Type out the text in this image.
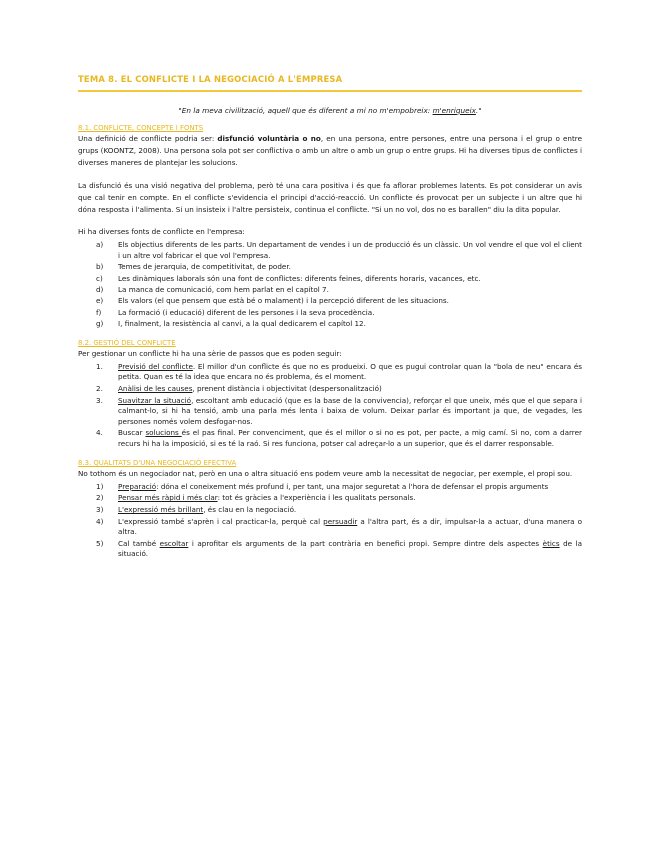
TEMA 8. EL CONFLICTE I LA NEGOCIACIÓ A L'EMPRESA
"En la meva civilització, aquell que és diferent a mi no m'empobreix: m'enriqueix."
8.1. CONFLICTE, CONCEPTE I FONTS

Una definició de conflicte podria ser: disfunció voluntària o no, en una persona, entre persones, entre una persona i el grup o entre grups (KOONTZ, 2008). Una persona sola pot ser conflictiva o amb un altre o amb un grup o entre grups. Hi ha diverses tipus de conflictes i diverses maneres de plantejar les solucions.

La disfunció és una visió negativa del problema, però té una cara positiva i és que fa aflorar problemes latents. Es pot considerar un avís que cal tenir en compte. En el conflicte s'evidencia el principi d'acció-reacció. Un conflicte és provocat per un subjecte i un altre que hi dóna resposta i l'alimenta. Si un insisteix i l'altre persisteix, continua el conflicte. "Si un no vol, dos no es barallen" diu la dita popular.

Hi ha diverses fonts de conflicte en l'empresa:

a) Els objectius diferents de les parts. Un departament de vendes i un de producció és un clàssic. Un vol vendre el que vol el client i un altre vol fabricar el que vol l'empresa.
b) Temes de jerarquia, de competitivitat, de poder.
c) Les dinàmiques laborals són una font de conflictes: diferents feines, diferents horaris, vacances, etc.
d) La manca de comunicació, com hem parlat en el capítol 7.
e) Els valors (el que pensem que està bé o malament) i la percepció diferent de les situacions.
f) La formació (i educació) diferent de les persones i la seva procedència.
g) I, finalment, la resistència al canvi, a la qual dedicarem el capítol 12.
8.2. GESTIÓ DEL CONFLICTE

Per gestionar un conflicte hi ha una sèrie de passos que es poden seguir:

1. Previsió del conflicte. El millor d'un conflicte és que no es produeixi. O que es pugui controlar quan la "bola de neu" encara és petita. Quan es té la idea que encara no és problema, és el moment.
2. Anàlisi de les causes, prenent distància i objectivitat (despersonalització)
3. Suavitzar la situació, escoltant amb educació (que es la base de la convivencia), reforçar el que uneix, més que el que separa i calmant-lo, si hi ha tensió, amb una parla més lenta i baixa de volum. Deixar parlar és important ja que, de vegades, les persones només volem desfogar-nos.
4. Buscar solucions és el pas final. Per convenciment, que és el millor o si no es pot, per pacte, a mig camí. Si no, com a darrer recurs hi ha la imposició, si es té la raó. Si res funciona, potser cal adreçar-lo a un superior, que és el darrer responsable.
8.3. QUALITATS D'UNA NEGOCIACIÓ EFECTIVA

No tothom és un negociador nat, però en una o altra situació ens podem veure amb la necessitat de negociar, per exemple, el propi sou.

1) Preparació: dóna el coneixement més profund i, per tant, una major seguretat a l'hora de defensar el propis arguments
2) Pensar més ràpid i més clar: tot és gràcies a l'experiència i les qualitats personals.
3) L'expressió més brillant, és clau en la negociació.
4) L'expressió també s'aprèn i cal practicar-la, perquè cal persuadir a l'altra part, és a dir, impulsar-la a actuar, d'una manera o altra.
5) Cal també escoltar i aprofitar els arguments de la part contrària en benefici propi. Sempre dintre dels aspectes ètics de la situació.
